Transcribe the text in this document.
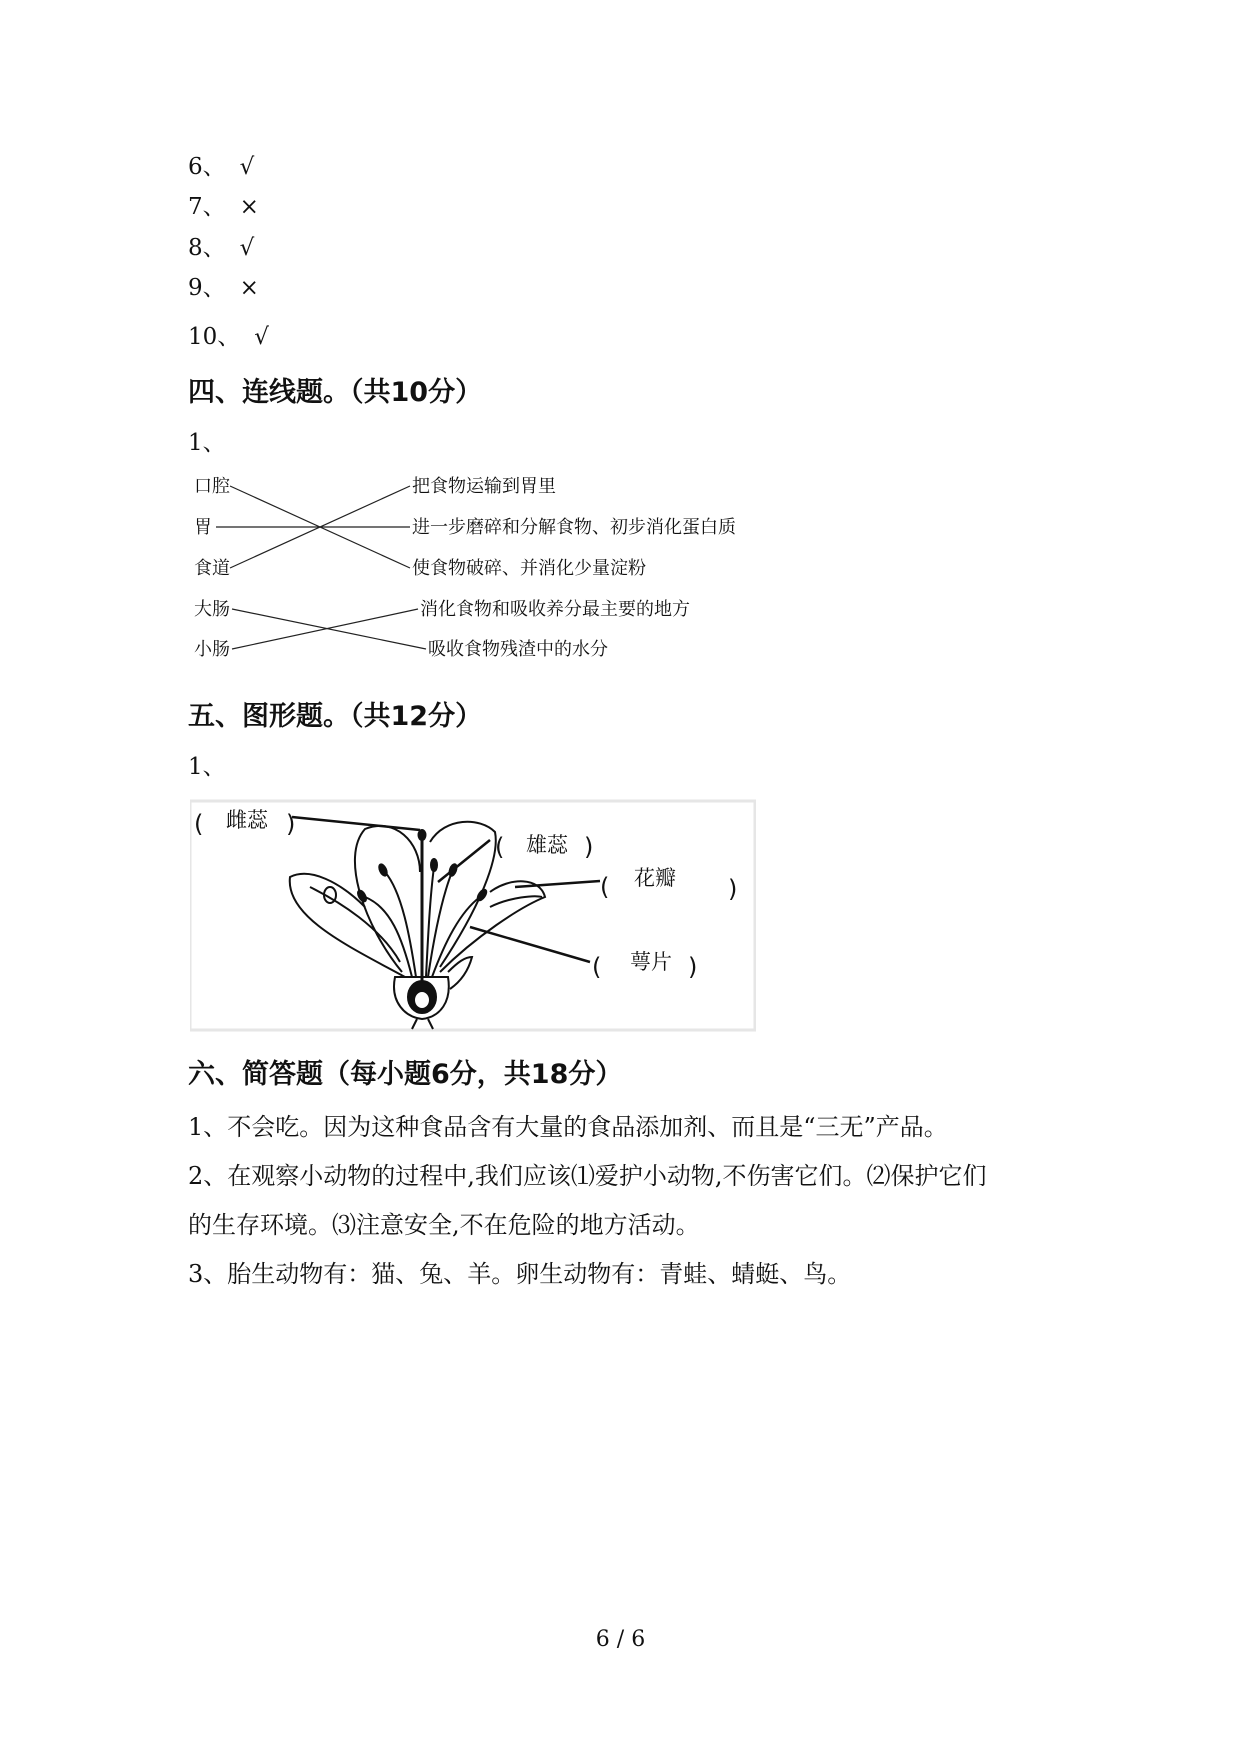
6、 √
7、 ×
8、 √
9、 ×
10、 √
四、连线题。（共10分）
1、
口腔
胃
食道
大肠
小肠
把食物运输到胃里
进一步磨碎和分解食物、初步消化蛋白质
使食物破碎、并消化少量淀粉
消化食物和吸收养分最主要的地方
吸收食物残渣中的水分
五、图形题。（共12分）
1、
( 雌蕊 )
( 雄蕊 )
( 花瓣 )
( 萼片 )
六、简答题（每小题6分，共18分）
1、不会吃。因为这种食品含有大量的食品添加剂、而且是“三无”产品。
2、在观察小动物的过程中,我们应该⑴爱护小动物,不伤害它们。⑵保护它们
的生存环境。⑶注意安全,不在危险的地方活动。
3、胎生动物有：猫、兔、羊。卵生动物有：青蛙、蜻蜓、鸟。
6 / 6
